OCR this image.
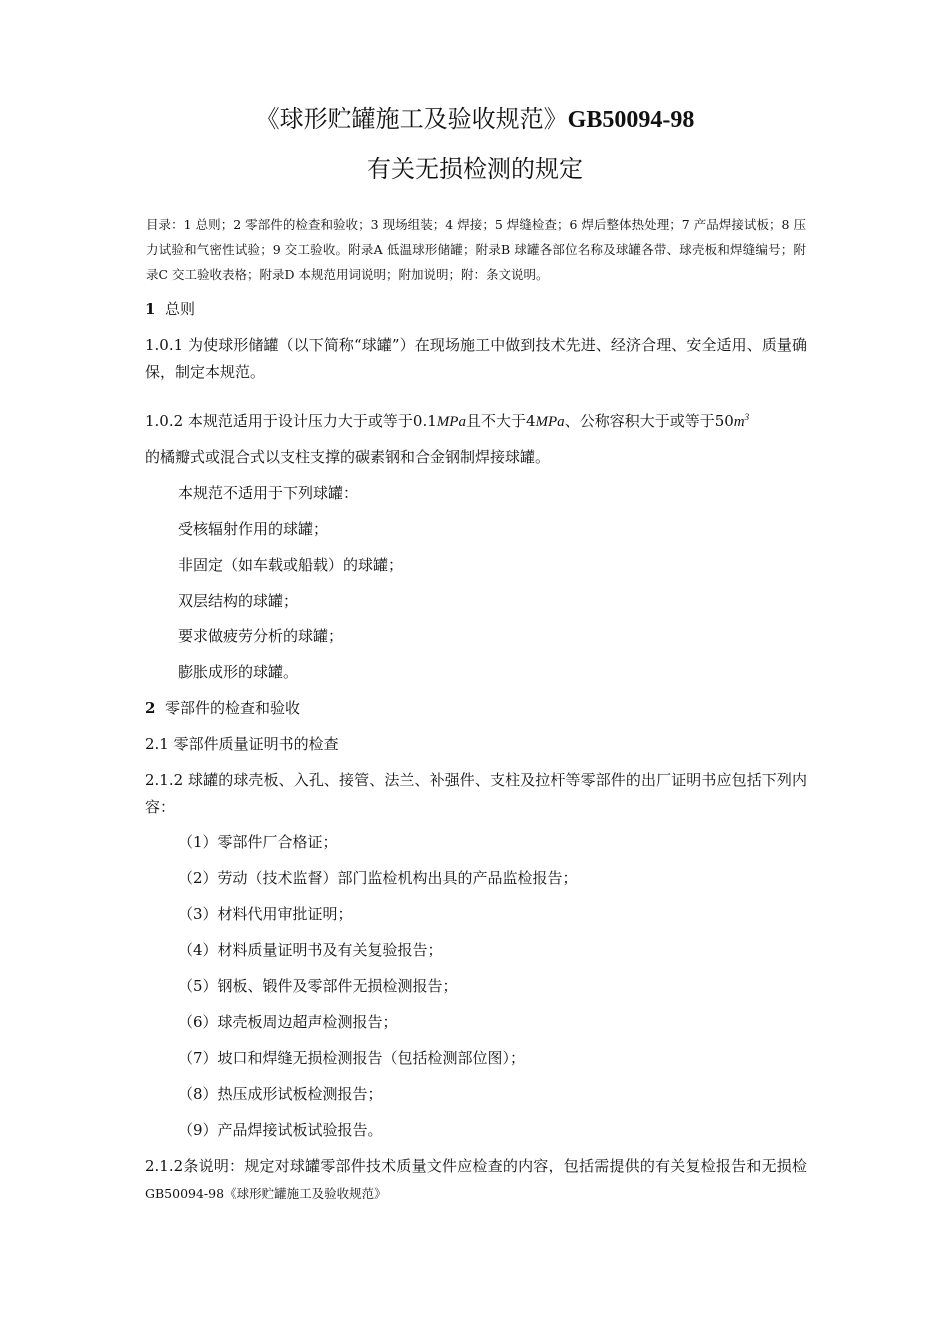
《球形贮罐施工及验收规范》GB50094-98
有关无损检测的规定
目录：1 总则；2 零部件的检查和验收；3 现场组装；4 焊接；5 焊缝检查；6 焊后整体热处理；7 产品焊接试板；8 压力试验和气密性试验；9 交工验收。附录A 低温球形储罐；附录B 球罐各部位名称及球罐各带、球壳板和焊缝编号；附录C 交工验收表格；附录D 本规范用词说明；附加说明；附：条文说明。
1 总则
1.0.1 为使球形储罐（以下简称“球罐”）在现场施工中做到技术先进、经济合理、安全适用、质量确保，制定本规范。
1.0.2 本规范适用于设计压力大于或等于0.1MPa且不大于4MPa、公称容积大于或等于$50m^3$
的橘瓣式或混合式以支柱支撑的碳素钢和合金钢制焊接球罐。
本规范不适用于下列球罐：
受核辐射作用的球罐；
非固定（如车载或船载）的球罐；
双层结构的球罐；
要求做疲劳分析的球罐；
膨胀成形的球罐。
2 零部件的检查和验收
2.1 零部件质量证明书的检查
2.1.2 球罐的球壳板、入孔、接管、法兰、补强件、支柱及拉杆等零部件的出厂证明书应包括下列内容：
（1）零部件厂合格证；
（2）劳动（技术监督）部门监检机构出具的产品监检报告；
（3）材料代用审批证明；
（4）材料质量证明书及有关复验报告；
（5）钢板、锻件及零部件无损检测报告；
（6）球壳板周边超声检测报告；
（7）坡口和焊缝无损检测报告（包括检测部位图）；
（8）热压成形试板检测报告；
（9）产品焊接试板试验报告。
2.1.2条说明：规定对球罐零部件技术质量文件应检查的内容，包括需提供的有关复检报告和无损检GB50094-98《球形贮罐施工及验收规范》
